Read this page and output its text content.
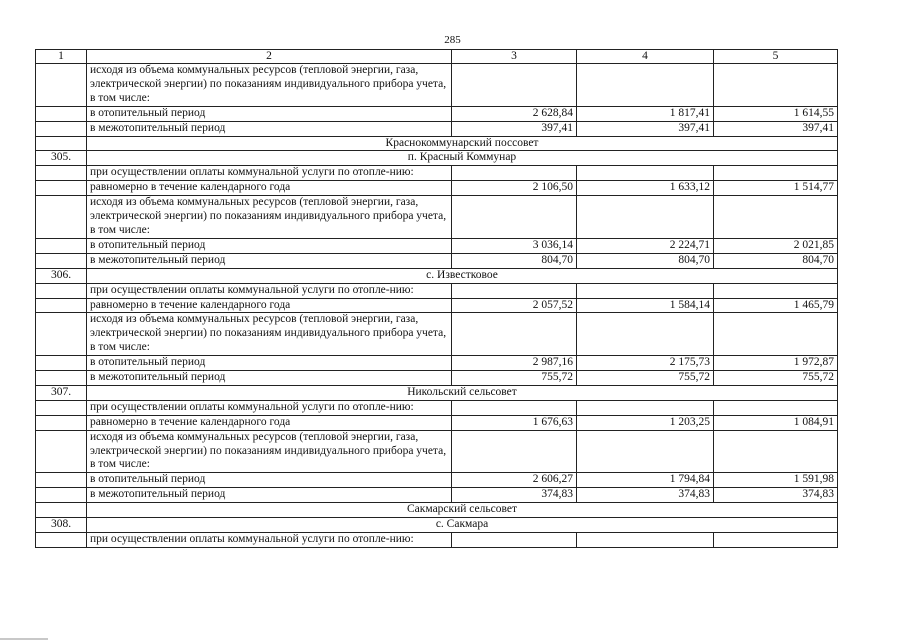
285
1	2	3	4	5
	исходя из объема коммунальных ресурсов (тепловой энергии, газа, электрической энергии) по показаниям индивидуального прибора учета, в том числе:			
	в отопительный период	2 628,84	1 817,41	1 614,55
	в межотопительный период	397,41	397,41	397,41
	Краснокоммунарский поссовет			
305.	п. Красный Коммунар			
	при осуществлении оплаты коммунальной услуги по отопле-нию:			
	равномерно в течение календарного года	2 106,50	1 633,12	1 514,77
	исходя из объема коммунальных ресурсов (тепловой энергии, газа, электрической энергии) по показаниям индивидуального прибора учета, в том числе:			
	в отопительный период	3 036,14	2 224,71	2 021,85
	в межотопительный период	804,70	804,70	804,70
306.	с. Известковое			
	при осуществлении оплаты коммунальной услуги по отопле-нию:			
	равномерно в течение календарного года	2 057,52	1 584,14	1 465,79
	исходя из объема коммунальных ресурсов (тепловой энергии, газа, электрической энергии) по показаниям индивидуального прибора учета, в том числе:			
	в отопительный период	2 987,16	2 175,73	1 972,87
	в межотопительный период	755,72	755,72	755,72
307.	Никольский сельсовет			
	при осуществлении оплаты коммунальной услуги по отопле-нию:			
	равномерно в течение календарного года	1 676,63	1 203,25	1 084,91
	исходя из объема коммунальных ресурсов (тепловой энергии, газа, электрической энергии) по показаниям индивидуального прибора учета, в том числе:			
	в отопительный период	2 606,27	1 794,84	1 591,98
	в межотопительный период	374,83	374,83	374,83
	Сакмарский сельсовет			
308.	с. Сакмара			
	при осуществлении оплаты коммунальной услуги по отопле-нию:			
